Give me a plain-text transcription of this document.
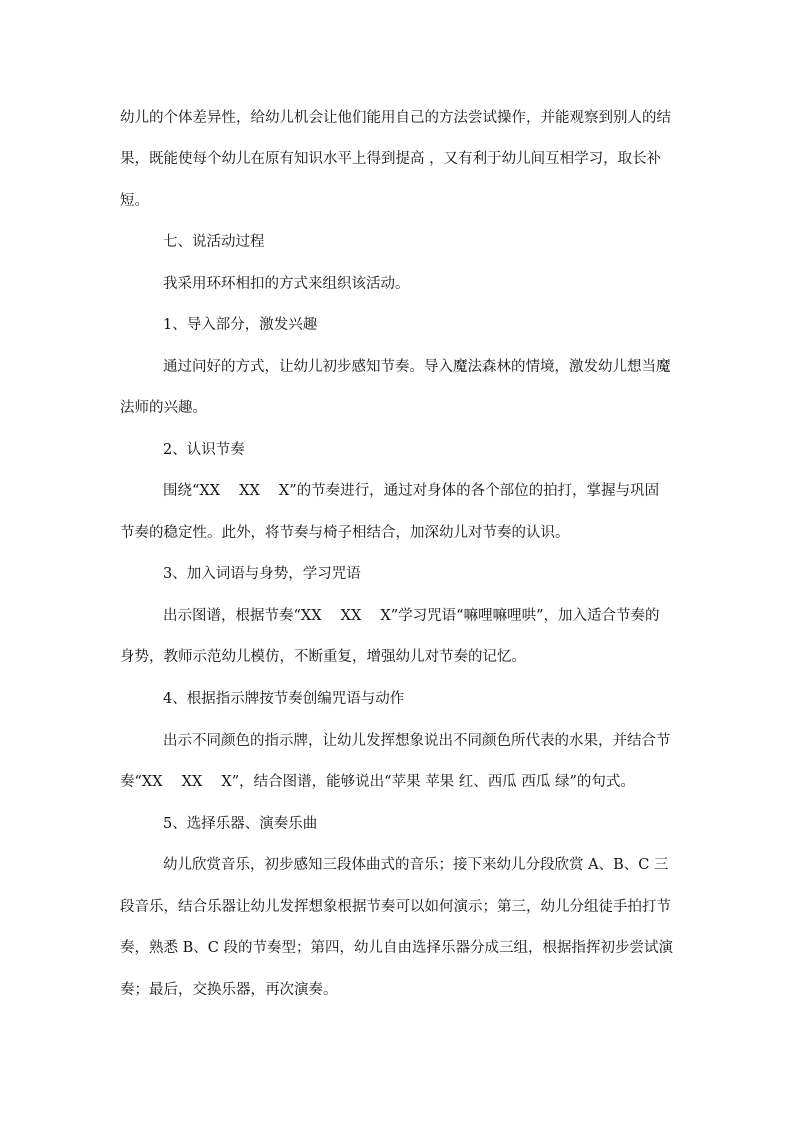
幼儿的个体差异性，给幼儿机会让他们能用自己的方法尝试操作，并能观察到别人的结
果，既能使每个幼儿在原有知识水平上得到提高 ，又有利于幼儿间互相学习，取长补
短。
七、说活动过程
我采用环环相扣的方式来组织该活动。
1、导入部分，激发兴趣
通过问好的方式，让幼儿初步感知节奏。导入魔法森林的情境，激发幼儿想当魔
法师的兴趣。
2、认识节奏
围绕“XX　 XX　 X”的节奏进行，通过对身体的各个部位的拍打，掌握与巩固
节奏的稳定性。此外，将节奏与椅子相结合，加深幼儿对节奏的认识。
3、加入词语与身势，学习咒语
出示图谱，根据节奏“XX　 XX　 X”学习咒语“嘛哩嘛哩哄”，加入适合节奏的
身势，教师示范幼儿模仿，不断重复，增强幼儿对节奏的记忆。
4、根据指示牌按节奏创编咒语与动作
出示不同颜色的指示牌，让幼儿发挥想象说出不同颜色所代表的水果，并结合节
奏“XX　 XX　 X”，结合图谱，能够说出“苹果 苹果 红、西瓜 西瓜 绿”的句式。
5、选择乐器、演奏乐曲
幼儿欣赏音乐，初步感知三段体曲式的音乐；接下来幼儿分段欣赏 A、B、C 三
段音乐，结合乐器让幼儿发挥想象根据节奏可以如何演示；第三，幼儿分组徒手拍打节
奏，熟悉 B、C 段的节奏型；第四，幼儿自由选择乐器分成三组，根据指挥初步尝试演
奏；最后，交换乐器，再次演奏。
